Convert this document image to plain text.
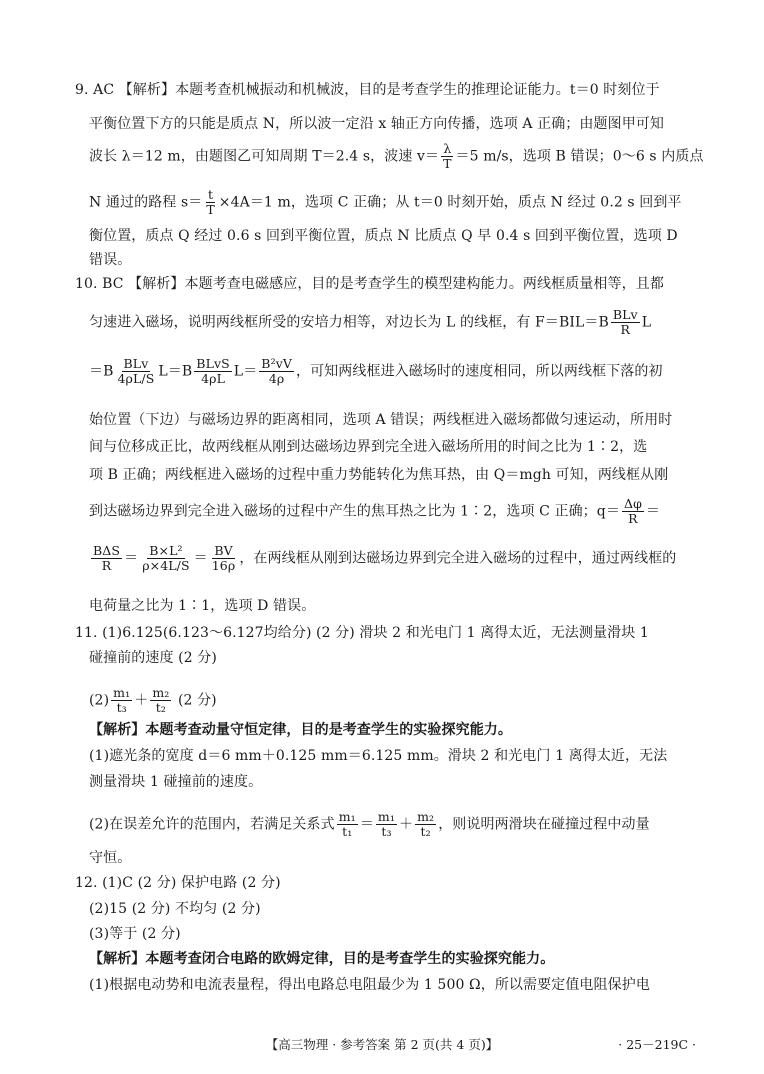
9. AC 【解析】本题考查机械振动和机械波，目的是考查学生的推理论证能力。t＝0 时刻位于
平衡位置下方的只能是质点 N，所以波一定沿 x 轴正方向传播，选项 A 正确；由题图甲可知
波长 λ＝12 m，由题图乙可知周期 T＝2.4 s，波速 $v= \frac{\lambda}{T} =5$ m/s，选项 B 错误；0～6 s 内质点
N 通过的路程 $s= \frac{t}{T} \times 4A=1$ m，选项 C 正确；从 t＝0 时刻开始，质点 N 经过 0.2 s 回到平
衡位置，质点 Q 经过 0.6 s 回到平衡位置，质点 N 比质点 Q 早 0.4 s 回到平衡位置，选项 D
错误。
10. BC 【解析】本题考查电磁感应，目的是考查学生的模型建构能力。两线框质量相等，且都
匀速进入磁场，说明两线框所受的安培力相等，对边长为 L 的线框，有 $F=BIL=B \frac{\text{BLv}}{R}$ L
$=B \frac{\text{BLv}}{4\rho L/S} L=B \frac{\text{BLvS}}{4\rho L} L= \frac{\text{B²vV}}{4\rho}$ ，可知两线框进入磁场时的速度相同，所以两线框下落的初
始位置（下边）与磁场边界的距离相同，选项 A 错误；两线框进入磁场都做匀速运动，所用时
间与位移成正比，故两线框从刚到达磁场边界到完全进入磁场所用的时间之比为 1∶2，选
项 B 正确；两线框进入磁场的过程中重力势能转化为焦耳热，由 Q＝mgh 可知，两线框从刚
到达磁场边界到完全进入磁场的过程中产生的焦耳热之比为 1∶2，选项 C 正确；$q= \frac{\Delta\varphi}{R}$ ＝
$\frac{\text{BΔS}}{R} = \frac{\text{B×L²}}{\rho\times 4L/S} = \frac{BV}{16\rho}$ ，在两线框从刚到达磁场边界到完全进入磁场的过程中，通过两线框的
电荷量之比为 1∶1，选项 D 错误。
11. (1)6.125(6.123～6.127均给分) (2 分) 滑块 2 和光电门 1 离得太近，无法测量滑块 1
碰撞前的速度 (2 分)
$(2) \frac{\text{m₁}}{\text{t₃}} + \frac{\text{m₂}}{\text{t₂}} (2$ 分)
【解析】本题考查动量守恒定律，目的是考查学生的实验探究能力。
(1)遮光条的宽度 d＝6 mm＋0.125 mm＝6.125 mm。滑块 2 和光电门 1 离得太近，无法
测量滑块 1 碰撞前的速度。
(2)在误差允许的范围内，若满足关系式 $\frac{\text{m₁}}{\text{t₁}} = \frac{\text{m₁}}{\text{t₃}} + \frac{\text{m₂}}{\text{t₂}}$ ，则说明两滑块在碰撞过程中动量
守恒。
12. (1)C (2 分) 保护电路 (2 分)
(2)15 (2 分) 不均匀 (2 分)
(3)等于 (2 分)
【解析】本题考查闭合电路的欧姆定律，目的是考查学生的实验探究能力。
(1)根据电动势和电流表量程，得出电路总电阻最少为 1 500 Ω，所以需要定值电阻保护电
【高三物理 · 参考答案 第 2 页(共 4 页)】	· 25－219C ·
